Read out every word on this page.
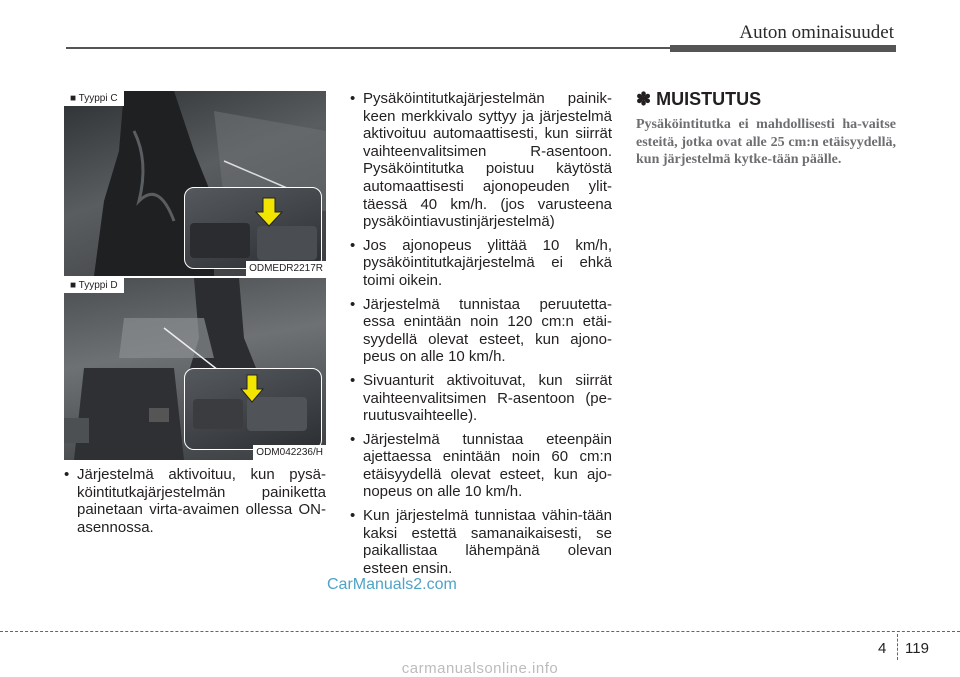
Auton ominaisuudet
■ Tyyppi C
ODMEDR2217R
■ Tyyppi D
ODM042236/H
• Järjestelmä aktivoituu, kun pysä-köintitutkajärjestelmän painiketta painetaan virta-avaimen ollessa ON-asennossa.
• Pysäköintitutkajärjestelmän painik-keen merkkivalo syttyy ja järjestelmä aktivoituu automaattisesti, kun siirrät vaihteenvalitsimen R-asentoon. Pysäköintitutka poistuu käytöstä automaattisesti ajonopeuden ylit-täessä 40 km/h. (jos varusteena pysäköintiavustinjärjestelmä)
• Jos ajonopeus ylittää 10 km/h, pysäköintitutkajärjestelmä ei ehkä toimi oikein.
• Järjestelmä tunnistaa peruutetta-essa enintään noin 120 cm:n etäi-syydellä olevat esteet, kun ajono-peus on alle 10 km/h.
• Sivuanturit aktivoituvat, kun siirrät vaihteenvalitsimen R-asentoon (pe-ruutusvaihteelle).
• Järjestelmä tunnistaa eteenpäin ajettaessa enintään noin 60 cm:n etäisyydellä olevat esteet, kun ajo-nopeus on alle 10 km/h.
• Kun järjestelmä tunnistaa vähin-tään kaksi estettä samanaikaisesti, se paikallistaa lähempänä olevan esteen ensin.
✽ MUISTUTUS
Pysäköintitutka ei mahdollisesti ha-vaitse esteitä, jotka ovat alle 25 cm:n etäisyydellä, kun järjestelmä kytke-tään päälle.
CarManuals2.com
4 119
carmanualsonline.info
